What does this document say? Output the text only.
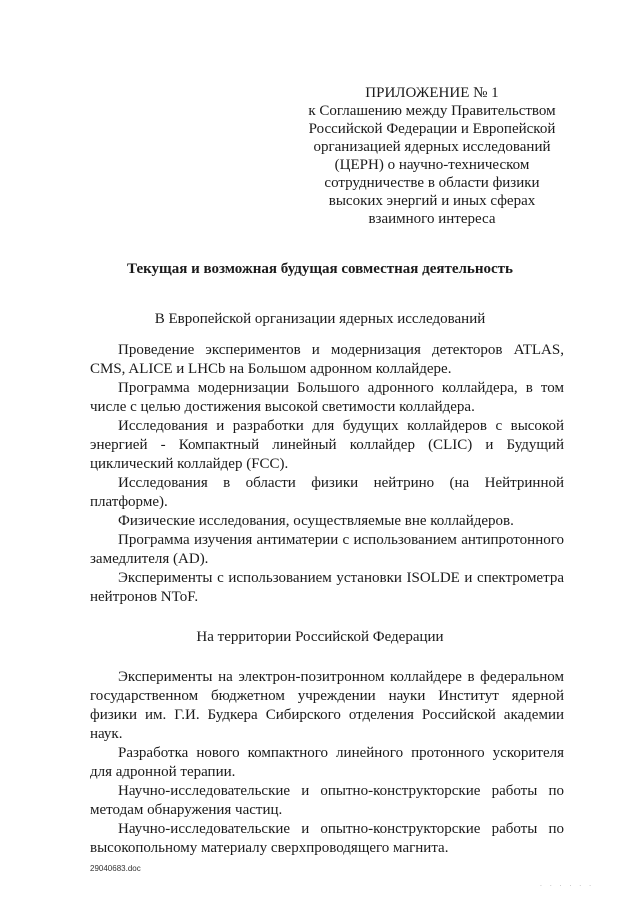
ПРИЛОЖЕНИЕ № 1
к Соглашению между Правительством
Российской Федерации и Европейской
организацией ядерных исследований
(ЦЕРН) о научно-техническом
сотрудничестве в области физики
высоких энергий и иных сферах
взаимного интереса
Текущая и возможная будущая совместная деятельность
В Европейской организации ядерных исследований

Проведение экспериментов и модернизация детекторов ATLAS, CMS, ALICE и LHCb на Большом адронном коллайдере.

Программа модернизации Большого адронного коллайдера, в том числе с целью достижения высокой светимости коллайдера.

Исследования и разработки для будущих коллайдеров с высокой энергией - Компактный линейный коллайдер (CLIC) и Будущий циклический коллайдер (FCC).

Исследования в области физики нейтрино (на Нейтринной платформе).

Физические исследования, осуществляемые вне коллайдеров.

Программа изучения антиматерии с использованием антипротонного замедлителя (AD).

Эксперименты с использованием установки ISOLDE и спектрометра нейтронов NToF.

На территории Российской Федерации

Эксперименты на электрон-позитронном коллайдере в федеральном государственном бюджетном учреждении науки Институт ядерной физики им. Г.И. Будкера Сибирского отделения Российской академии наук.

Разработка нового компактного линейного протонного ускорителя для адронной терапии.

Научно-исследовательские и опытно-конструкторские работы по методам обнаружения частиц.

Научно-исследовательские и опытно-конструкторские работы по высокопольному материалу сверхпроводящего магнита.

29040683.doc
· · · · · ·
